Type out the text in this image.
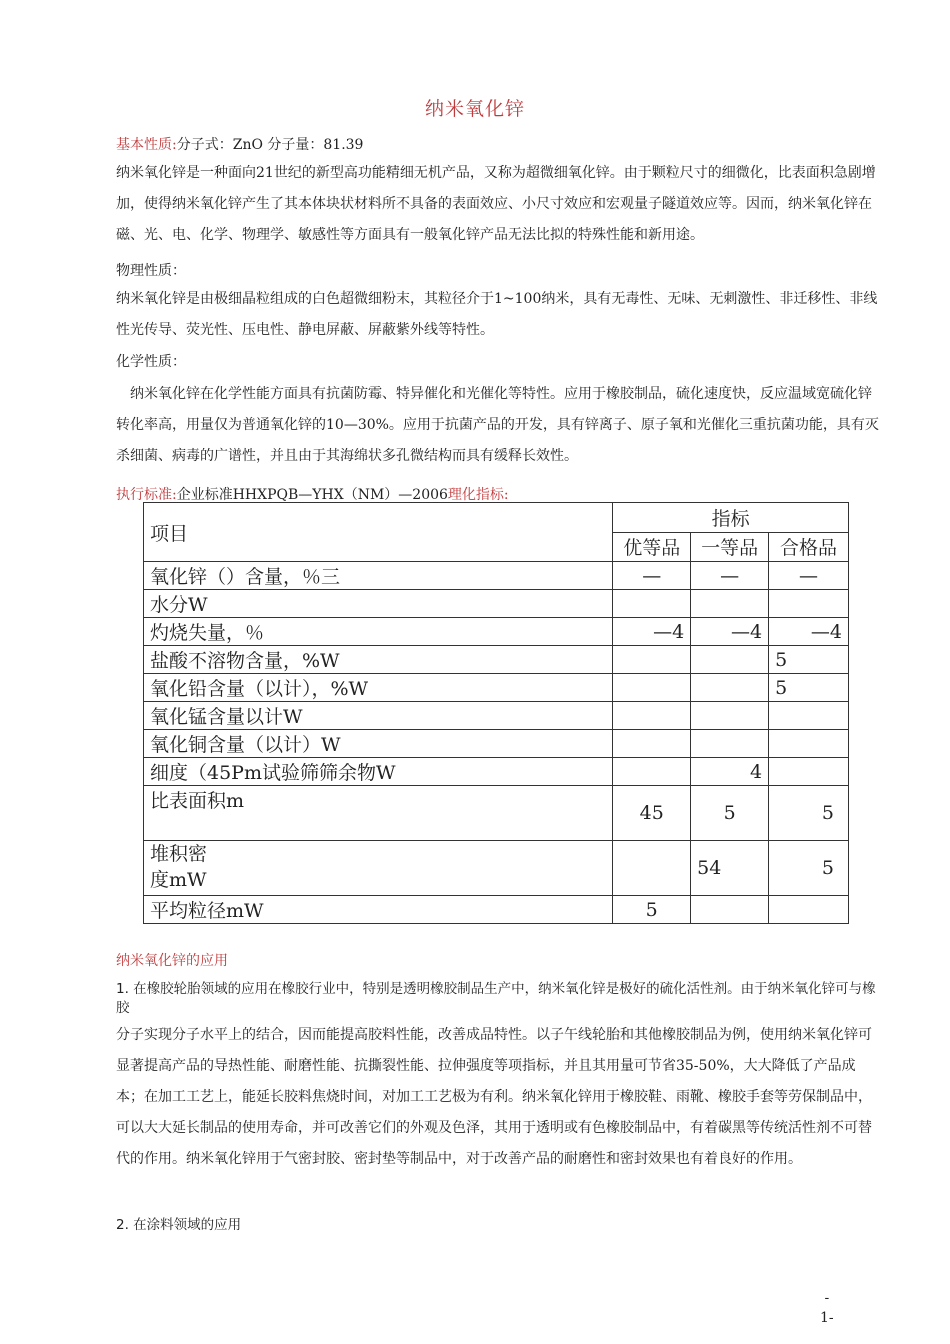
纳米氧化锌
基本性质:分子式：ZnO 分子量：81.39
纳米氧化锌是一种面向21世纪的新型高功能精细无机产品，又称为超微细氧化锌。由于颗粒尺寸的细微化，比表面积急剧增加，使得纳米氧化锌产生了其本体块状材料所不具备的表面效应、小尺寸效应和宏观量子隧道效应等。因而，纳米氧化锌在磁、光、电、化学、物理学、敏感性等方面具有一般氧化锌产品无法比拟的特殊性能和新用途。
物理性质：
纳米氧化锌是由极细晶粒组成的白色超微细粉末，其粒径介于1~100纳米，具有无毒性、无味、无刺激性、非迁移性、非线性光传导、荧光性、压电性、静电屏蔽、屏蔽紫外线等特性。
化学性质：
纳米氧化锌在化学性能方面具有抗菌防霉、特异催化和光催化等特性。应用于橡胶制品，硫化速度快，反应温域宽硫化锌转化率高，用量仅为普通氧化锌的10—30%。应用于抗菌产品的开发，具有锌离子、原子氧和光催化三重抗菌功能，具有灭杀细菌、病毒的广谱性，并且由于其海绵状多孔微结构而具有缓释长效性。
执行标准:企业标准HHXPQB—YHX（NM）—2006理化指标:
项目	指标		
	优等品	一等品	合格品
氧化锌（）含量，％三	—	—	—
水分W			
灼烧失量，％	—4	—4	—4
盐酸不溶物含量，%W			5
氧化铅含量（以计），%W			5
氧化锰含量以计W			
氧化铜含量（以计）W			
细度（45Pm试验筛筛余物W		4	
比表面积m	45	5	5

堆积密
度mW		54	5
平均粒径mW	5		
纳米氧化锌的应用
1. 在橡胶轮胎领域的应用在橡胶行业中，特别是透明橡胶制品生产中，纳米氧化锌是极好的硫化活性剂。由于纳米氧化锌可与橡胶
分子实现分子水平上的结合，因而能提高胶料性能，改善成品特性。以子午线轮胎和其他橡胶制品为例，使用纳米氧化锌可显著提高产品的导热性能、耐磨性能、抗撕裂性能、拉伸强度等项指标，并且其用量可节省35-50%，大大降低了产品成本；在加工工艺上，能延长胶料焦烧时间，对加工工艺极为有利。纳米氧化锌用于橡胶鞋、雨靴、橡胶手套等劳保制品中，可以大大延长制品的使用寿命，并可改善它们的外观及色泽，其用于透明或有色橡胶制品中，有着碳黑等传统活性剂不可替代的作用。纳米氧化锌用于气密封胶、密封垫等制品中，对于改善产品的耐磨性和密封效果也有着良好的作用。
2. 在涂料领域的应用
-
1-
